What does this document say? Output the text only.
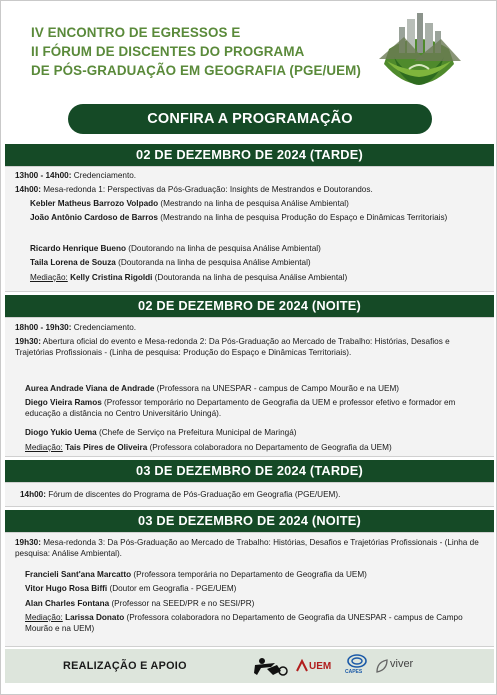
IV ENCONTRO DE EGRESSOS E
II FÓRUM DE DISCENTES DO PROGRAMA
DE PÓS-GRADUAÇÃO EM GEOGRAFIA (PGE/UEM)
CONFIRA A PROGRAMAÇÃO
02 DE DEZEMBRO DE 2024 (TARDE)
13h00 - 14h00: Credenciamento.
14h00: Mesa-redonda 1: Perspectivas da Pós-Graduação: Insights de Mestrandos e Doutorandos.
Kebler Matheus Barrozo Volpado (Mestrando na linha de pesquisa Análise Ambiental)
João Antônio Cardoso de Barros (Mestrando na linha de pesquisa Produção do Espaço e Dinâmicas Territoriais)
Ricardo Henrique Bueno (Doutorando na linha de pesquisa Análise Ambiental)
Taila Lorena de Souza (Doutoranda na linha de pesquisa Análise Ambiental)
Mediação: Kelly Cristina Rigoldi (Doutoranda na linha de pesquisa Análise Ambiental)
02 DE DEZEMBRO DE 2024 (NOITE)
18h00 - 19h30: Credenciamento.
19h30: Abertura oficial do evento e Mesa-redonda 2: Da Pós-Graduação ao Mercado de Trabalho: Histórias, Desafios e Trajetórias Profissionais - (Linha de pesquisa: Produção do Espaço e Dinâmicas Territoriais).
Aurea Andrade Viana de Andrade (Professora na UNESPAR - campus de Campo Mourão e na UEM)
Diego Vieira Ramos (Professor temporário no Departamento de Geografia da UEM e professor efetivo e formador em educação a distância no Centro Universitário Uningá).
Diogo Yukio Uema (Chefe de Serviço na Prefeitura Municipal de Maringá)
Mediação: Tais Pires de Oliveira (Professora colaboradora no Departamento de Geografia da UEM)
03 DE DEZEMBRO DE 2024 (TARDE)
14h00: Fórum de discentes do Programa de Pós-Graduação em Geografia (PGE/UEM).
03 DE DEZEMBRO DE 2024 (NOITE)
19h30: Mesa-redonda 3: Da Pós-Graduação ao Mercado de Trabalho: Histórias, Desafios e Trajetórias Profissionais - (Linha de pesquisa: Análise Ambiental).
Francieli Sant'ana Marcatto (Professora temporária no Departamento de Geografia da UEM)
Vitor Hugo Rosa Biffi (Doutor em Geografia - PGE/UEM)
Alan Charles Fontana (Professor na SEED/PR e no SESI/PR)
Mediação: Larissa Donato (Professora colaboradora no Departamento de Geografia da UNESPAR - campus de Campo Mourão e na UEM)
REALIZAÇÃO E APOIO	UEM	CAPES
viver
